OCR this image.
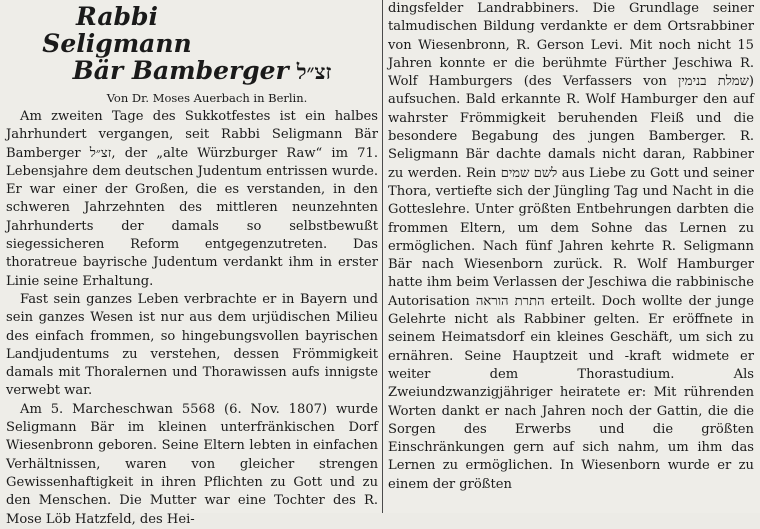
Rabbi Seligmann
Bär Bamberger זצ״ל
Von Dr. Moses Auerbach in Berlin.

Am zweiten Tage des Sukkotfestes ist ein halbes Jahrhundert vergangen, seit Rabbi Seligmann Bär Bamberger זצ״ל, der „alte Würzburger Raw“ im 71. Lebensjahre dem deutschen Judentum entrissen wurde. Er war einer der Großen, die es verstanden, in den schweren Jahrzehnten des mittleren neunzehnten Jahrhunderts der damals so selbstbewußt siegessicheren Reform entgegenzutreten. Das thoratreue bayrische Judentum verdankt ihm in erster Linie seine Erhaltung.

Fast sein ganzes Leben verbrachte er in Bayern und sein ganzes Wesen ist nur aus dem urjüdischen Milieu des einfach frommen, so hingebungsvollen bayrischen Landjudentums zu verstehen, dessen Frömmigkeit damals mit Thoralernen und Thorawissen aufs innigste verwebt war.

Am 5. Marcheschwan 5568 (6. Nov. 1807) wurde Seligmann Bär im kleinen unterfränkischen Dorf Wiesenbronn geboren. Seine Eltern lebten in einfachen Verhältnissen, waren von gleicher strengen Gewissenhaftigkeit in ihren Pflichten zu Gott und zu den Menschen. Die Mutter war eine Tochter des R. Mose Löb Hatzfeld, des Hei-

dingsfelder Landrabbiners. Die Grundlage seiner talmudischen Bildung verdankte er dem Ortsrabbiner von Wiesenbronn, R. Gerson Levi. Mit noch nicht 15 Jahren konnte er die berühmte Fürther Jeschiwa R. Wolf Hamburgers (des Verfassers von שמלת בנימין) aufsuchen. Bald erkannte R. Wolf Hamburger den auf wahrster Frömmigkeit beruhenden Fleiß und die besondere Begabung des jungen Bamberger. R. Seligmann Bär dachte damals nicht daran, Rabbiner zu werden. Rein לשם שמים aus Liebe zu Gott und seiner Thora, vertiefte sich der Jüngling Tag und Nacht in die Gotteslehre. Unter größten Entbehrungen darbten die frommen Eltern, um dem Sohne das Lernen zu ermöglichen. Nach fünf Jahren kehrte R. Seligmann Bär nach Wiesenborn zurück. R. Wolf Hamburger hatte ihm beim Verlassen der Jeschiwa die rabbinische Autorisation התרת הוראה erteilt. Doch wollte der junge Gelehrte nicht als Rabbiner gelten. Er eröffnete in seinem Heimatsdorf ein kleines Geschäft, um sich zu ernähren. Seine Hauptzeit und -kraft widmete er weiter dem Thorastudium. Als Zweiundzwanzigjähriger heiratete er: Mit rührenden Worten dankt er nach Jahren noch der Gattin, die die Sorgen des Erwerbs und die größten Einschränkungen gern auf sich nahm, um ihm das Lernen zu ermöglichen. In Wiesenborn wurde er zu einem der größten
